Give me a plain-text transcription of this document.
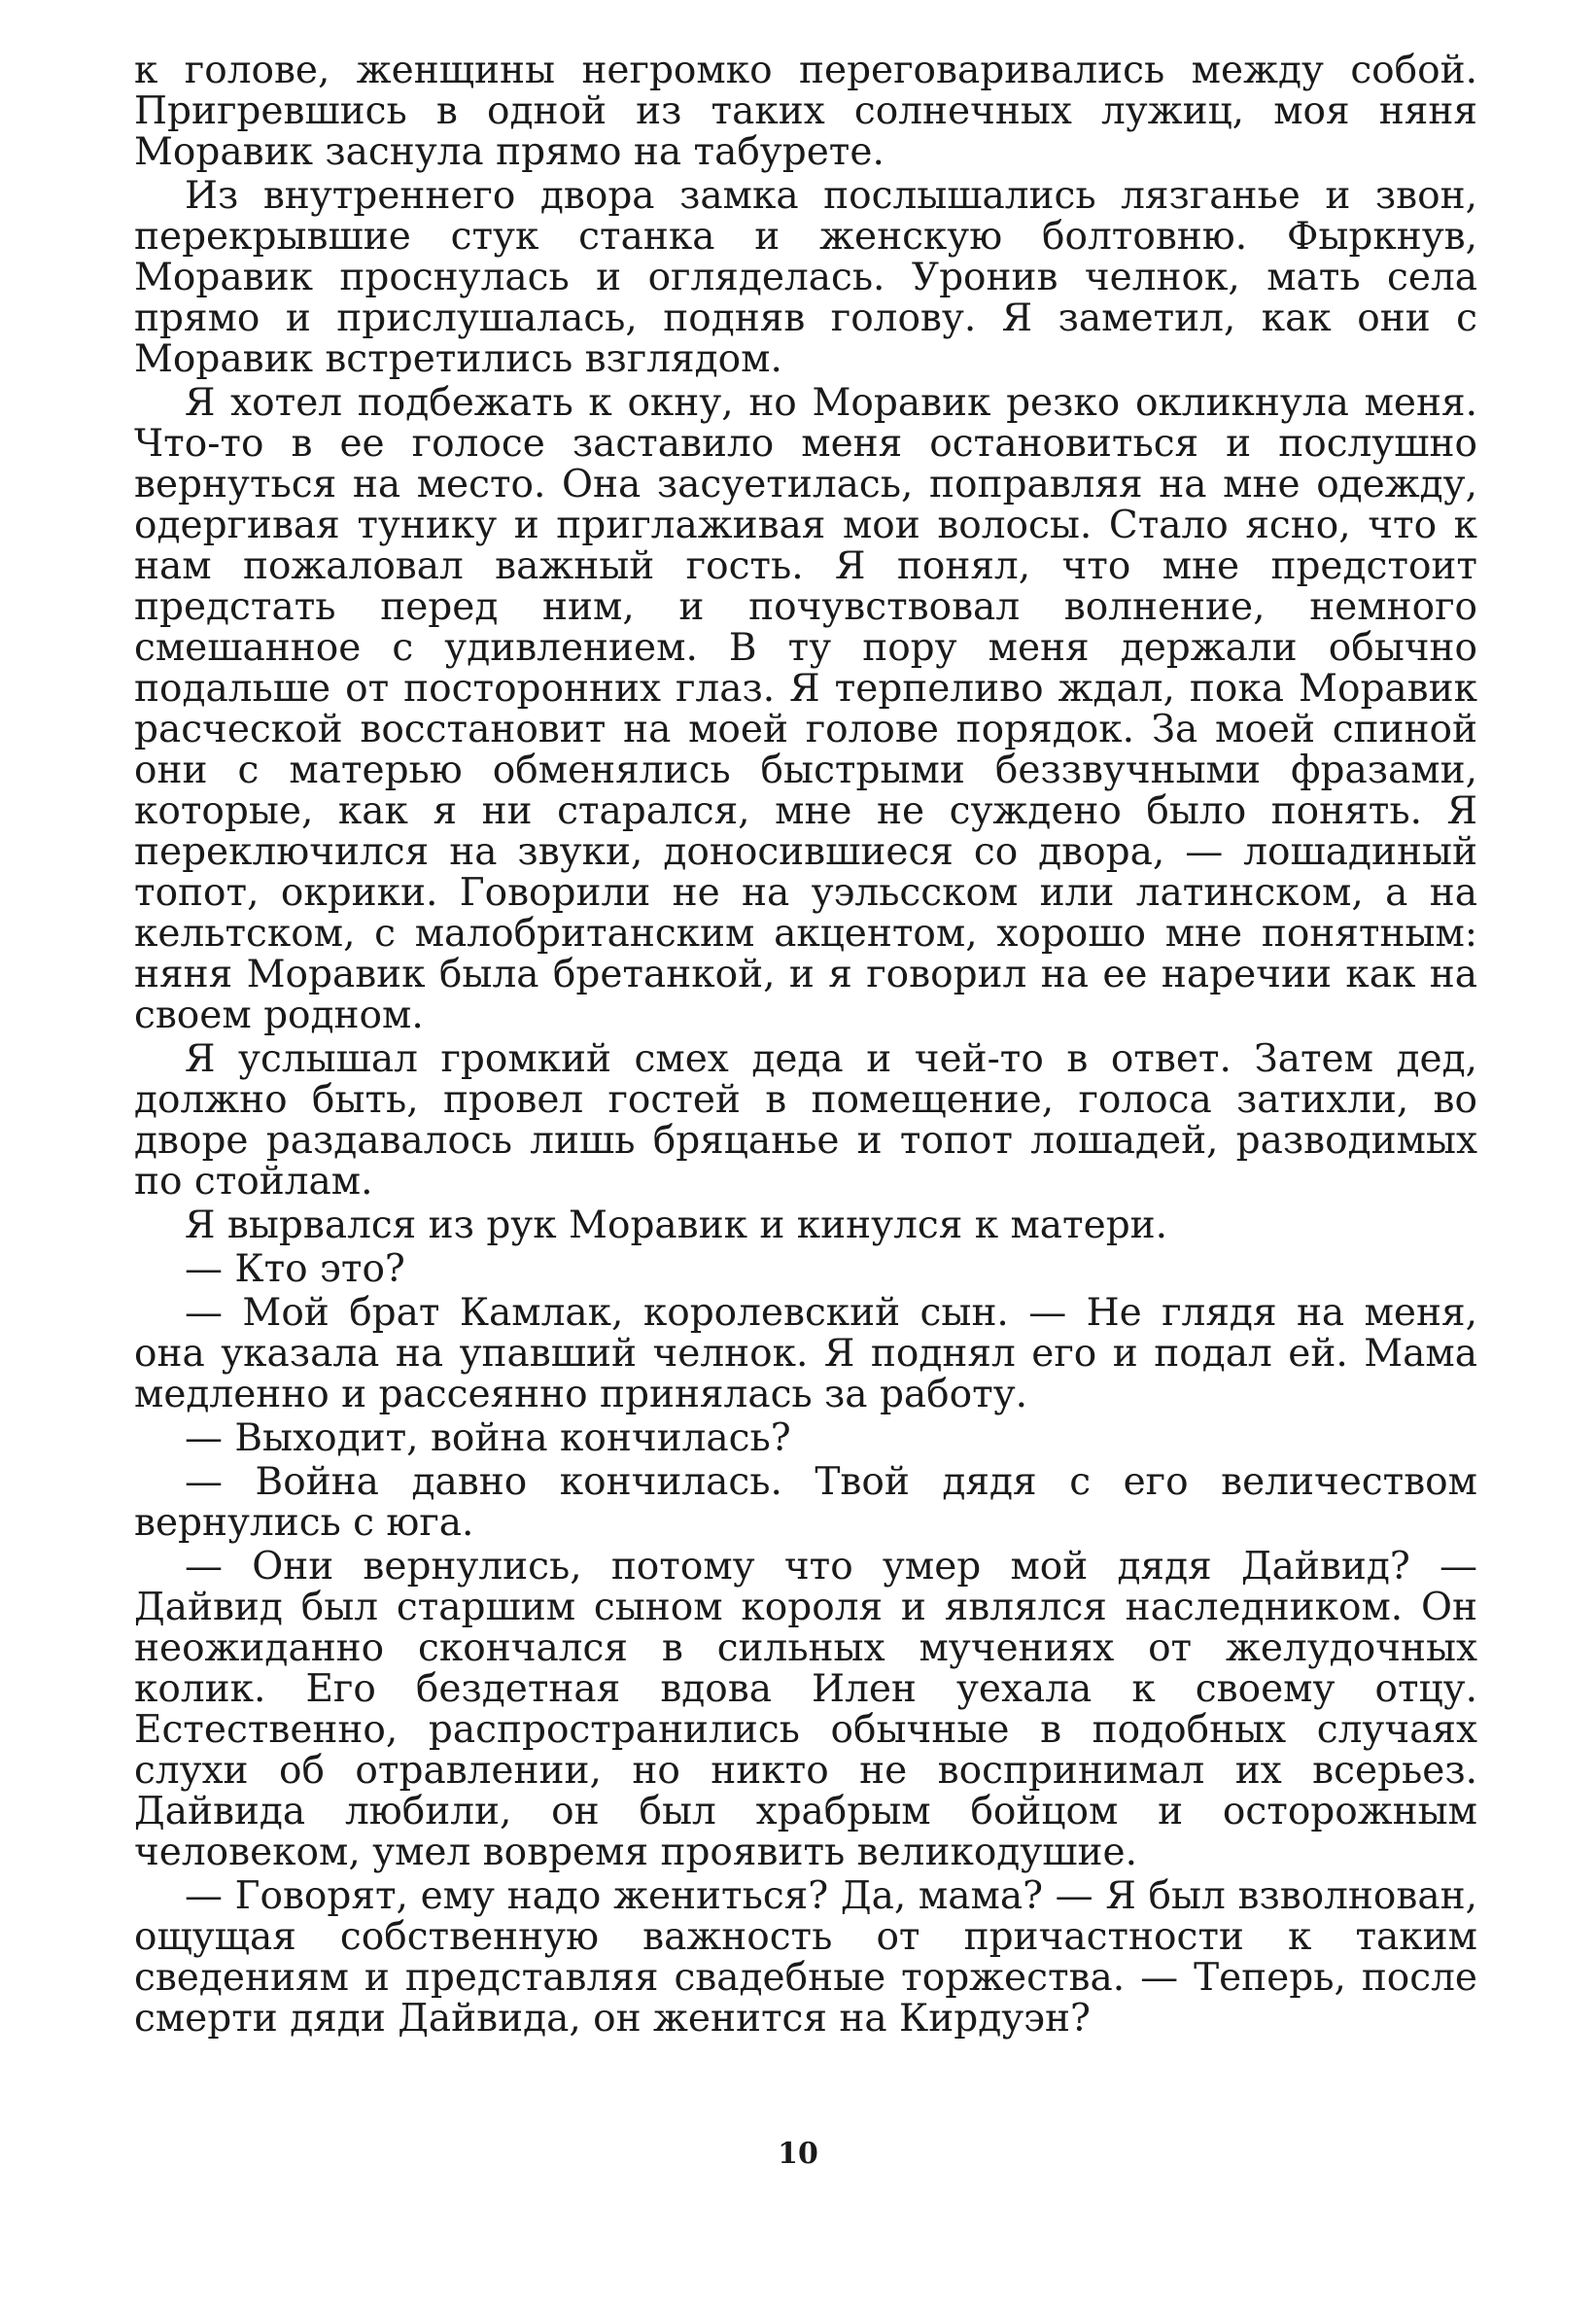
к голове, женщины негромко переговаривались между собой. Пригревшись в одной из таких солнечных лужиц, моя няня Моравик заснула прямо на табурете.

Из внутреннего двора замка послышались лязганье и звон, перекрывшие стук станка и женскую болтовню. Фыркнув, Моравик проснулась и огляделась. Уронив челнок, мать села прямо и прислушалась, подняв голову. Я заметил, как они с Моравик встретились взглядом.

Я хотел подбежать к окну, но Моравик резко окликнула меня. Что-то в ее голосе заставило меня остановиться и послушно вернуться на место. Она засуетилась, поправляя на мне одежду, одергивая тунику и приглаживая мои волосы. Стало ясно, что к нам пожаловал важный гость. Я понял, что мне предстоит предстать перед ним, и почувствовал волнение, немного смешанное с удивлением. В ту пору меня держали обычно подальше от посторонних глаз. Я терпеливо ждал, пока Моравик расческой восстановит на моей голове порядок. За моей спиной они с матерью обменялись быстрыми беззвучными фразами, которые, как я ни старался, мне не суждено было понять. Я переключился на звуки, доносившиеся со двора, — лошадиный топот, окрики. Говорили не на уэльсском или латинском, а на кельтском, с малобританским акцентом, хорошо мне понятным: няня Моравик была бретанкой, и я говорил на ее наречии как на своем родном.

Я услышал громкий смех деда и чей-то в ответ. Затем дед, должно быть, провел гостей в помещение, голоса затихли, во дворе раздавалось лишь бряцанье и топот лошадей, разводимых по стойлам.

Я вырвался из рук Моравик и кинулся к матери.

— Кто это?

— Мой брат Камлак, королевский сын. — Не глядя на меня, она указала на упавший челнок. Я поднял его и подал ей. Мама медленно и рассеянно принялась за работу.

— Выходит, война кончилась?

— Война давно кончилась. Твой дядя с его величеством вернулись с юга.

— Они вернулись, потому что умер мой дядя Дайвид? — Дайвид был старшим сыном короля и являлся наследником. Он неожиданно скончался в сильных мучениях от желудочных колик. Его бездетная вдова Илен уехала к своему отцу. Естественно, распространились обычные в подобных случаях слухи об отравлении, но никто не воспринимал их всерьез. Дайвида любили, он был храбрым бойцом и осторожным человеком, умел вовремя проявить великодушие.

— Говорят, ему надо жениться? Да, мама? — Я был взволнован, ощущая собственную важность от причастности к таким сведениям и представляя свадебные торжества. — Теперь, после смерти дяди Дайвида, он женится на Кирдуэн?

10
